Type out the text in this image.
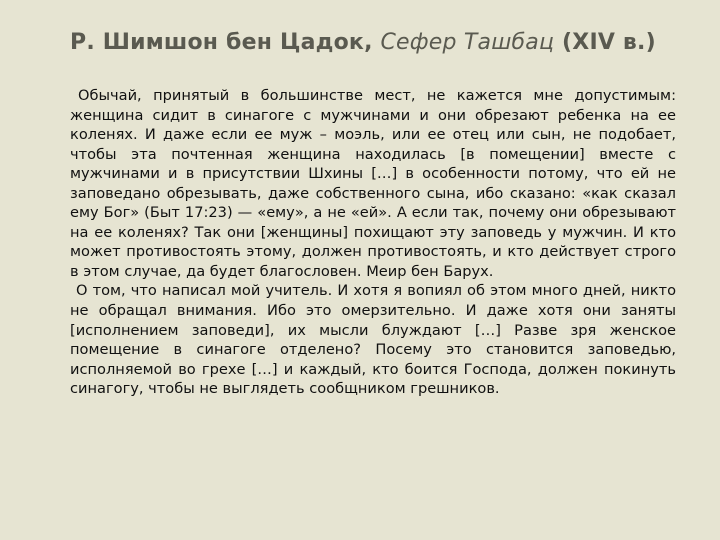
Р. Шимшон бен Цадок, Сефер Ташбац (XIV в.)

Обычай, принятый в большинстве мест, не кажется мне допустимым: женщина сидит в синагоге с мужчинами и они обрезают ребенка на ее коленях. И даже если ее муж – моэль, или ее отец или сын, не подобает, чтобы эта почтенная женщина находилась [в помещении] вместе с мужчинами и в присутствии Шхины […] в особенности потому, что ей не заповедано обрезывать, даже собственного сына, ибо сказано: «как сказал ему Бог» (Быт 17:23) — «ему», а не «ей». А если так, почему они обрезывают на ее коленях? Так они [женщины] похищают эту заповедь у мужчин. И кто может противостоять этому, должен противостоять, и кто действует строго в этом случае, да будет благословен. Меир бен Барух.

О том, что написал мой учитель. И хотя я вопиял об этом много дней, никто не обращал внимания. Ибо это омерзительно. И даже хотя они заняты [исполнением заповеди], их мысли блуждают […] Разве зря женское помещение в синагоге отделено? Посему это становится заповедью, исполняемой во грехе […] и каждый, кто боится Господа, должен покинуть синагогу, чтобы не выглядеть сообщником грешников.
